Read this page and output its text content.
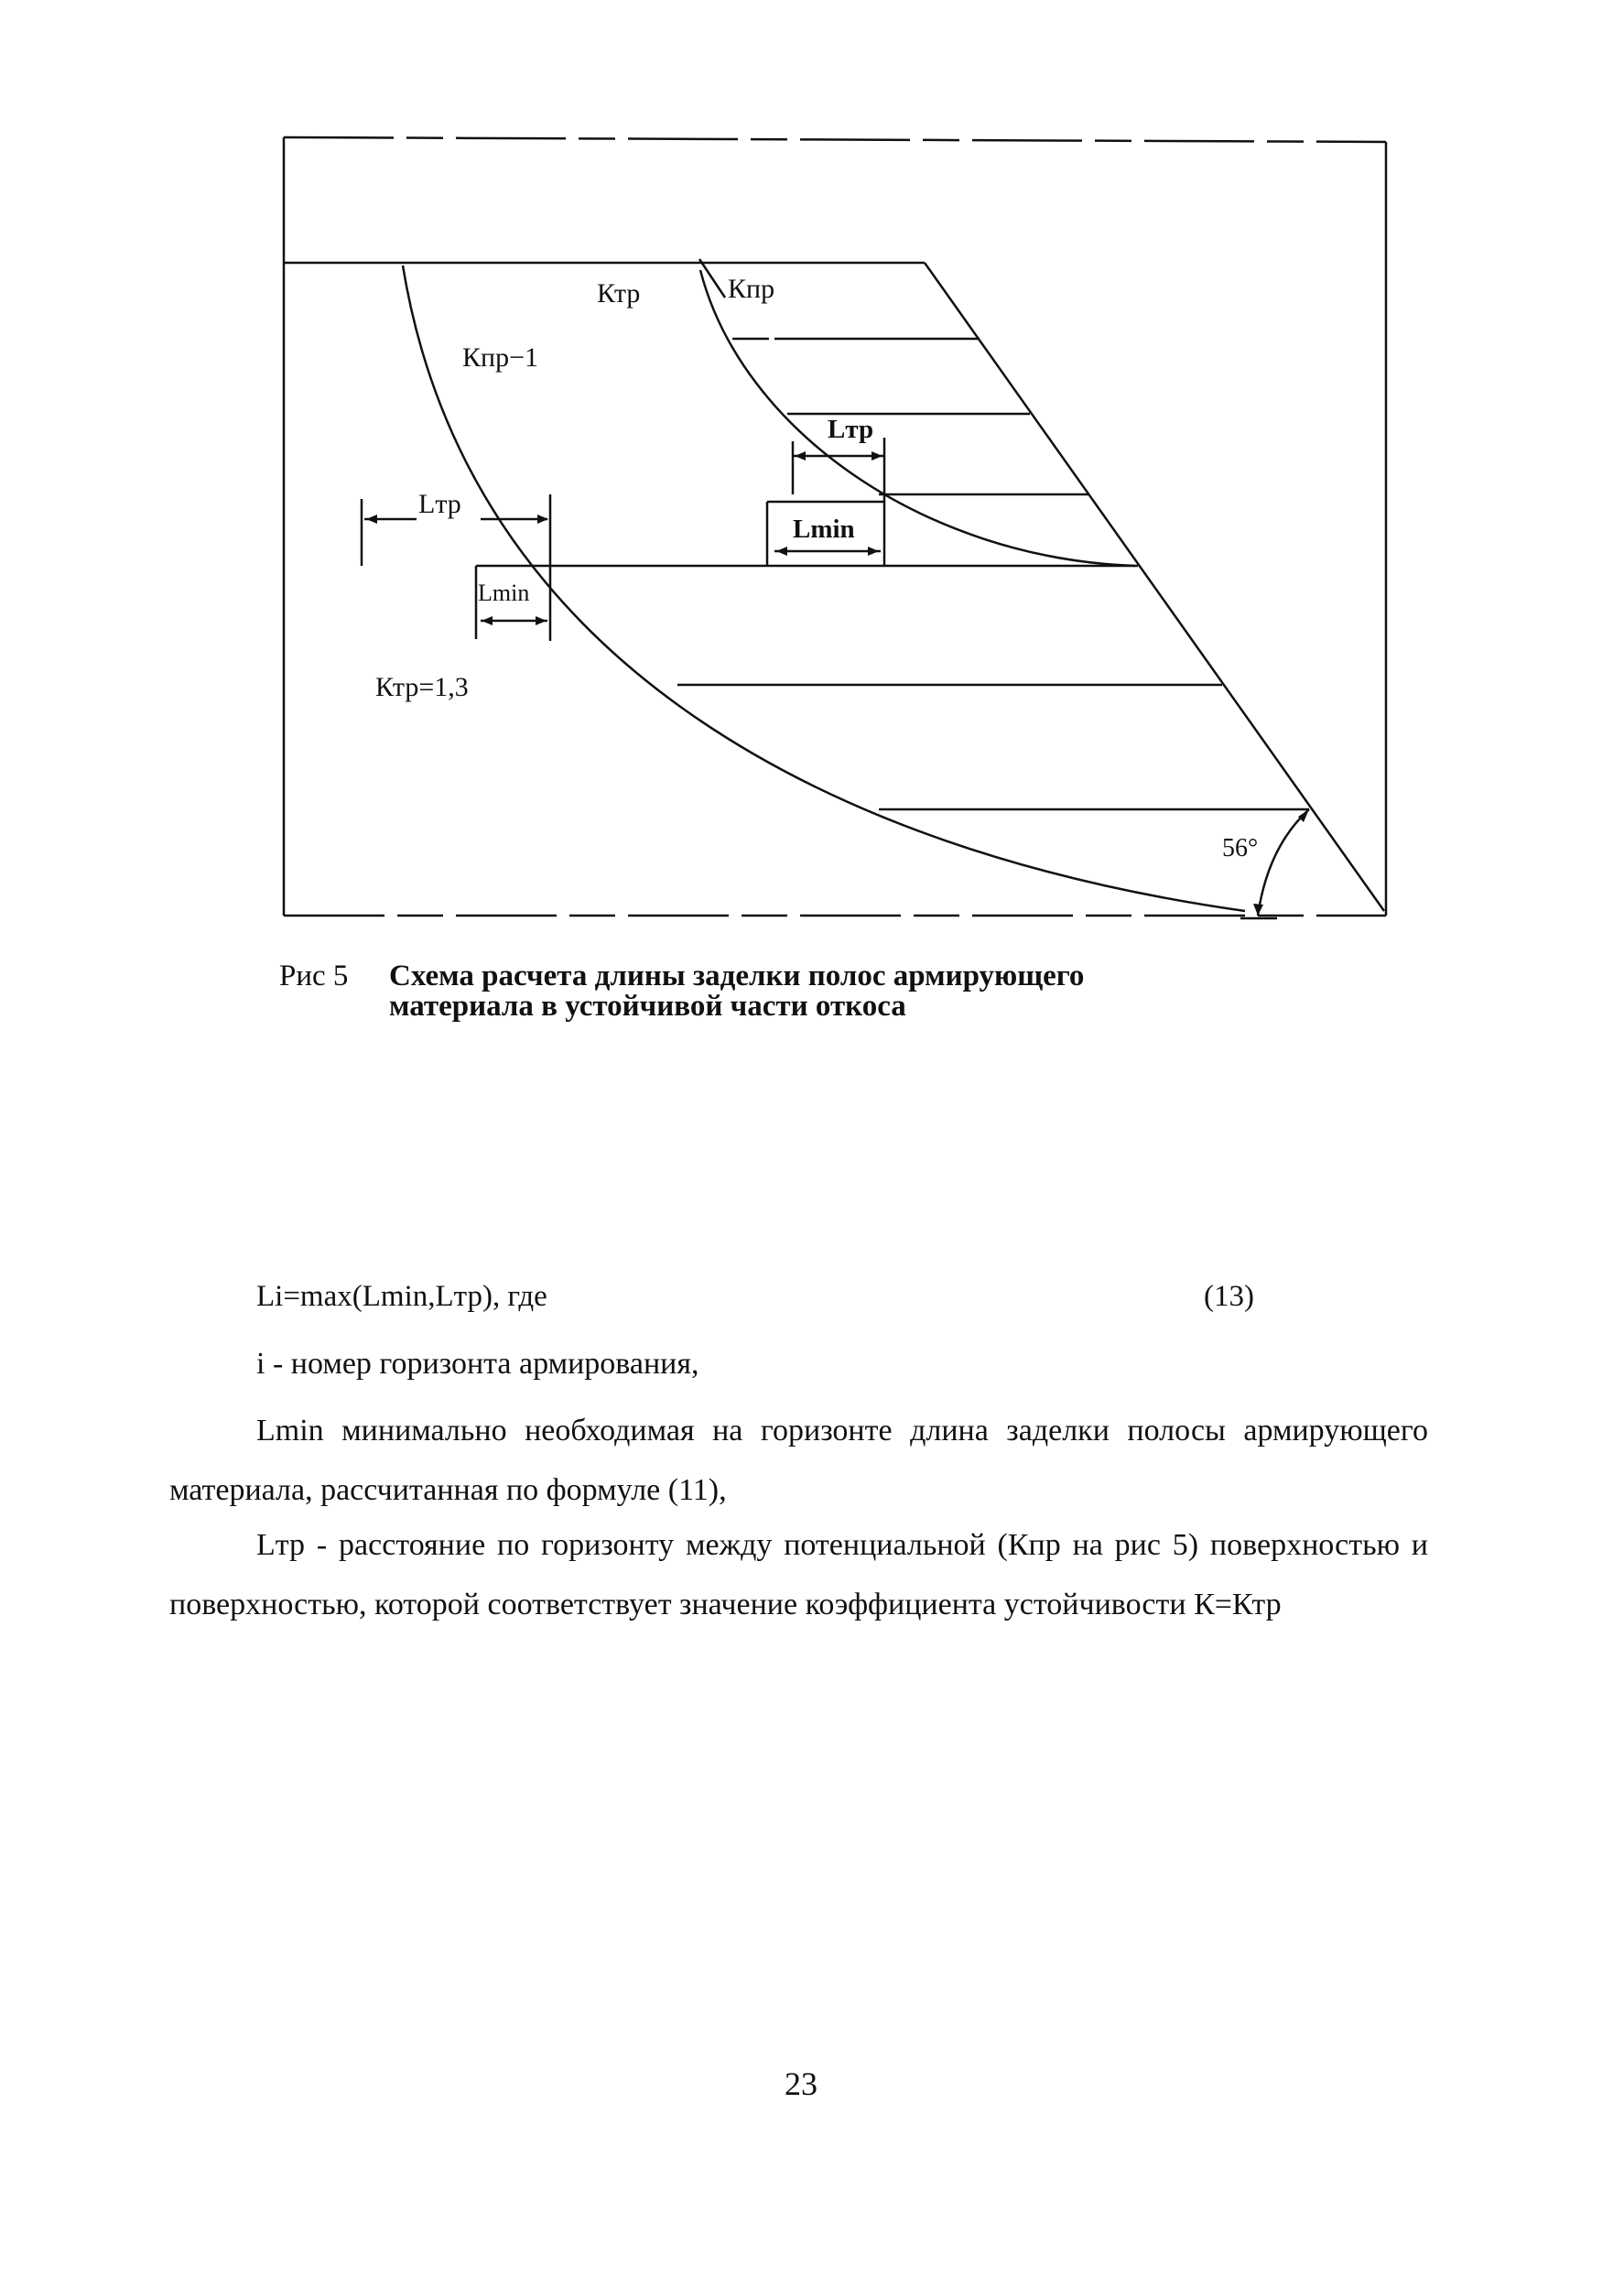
Ктр	Кпр
Кпр−1
Lтр
Lmin
Lтр
Lmin
Ктр=1,3
56°
Рис 5 Схема расчета длины заделки полос армирующего
материала в устойчивой части откоса
Li=max(Lmin,Lтр), где	(13)
i - номер горизонта армирования,
Lmin минимально необходимая на горизонте длина заделки полосы армирующего материала, рассчитанная по формуле (11),
Lтр - расстояние по горизонту между потенциальной (Кпр на рис 5) поверхностью и поверхностью, которой соответствует значение коэффициента устойчивости К=Ктр
23
